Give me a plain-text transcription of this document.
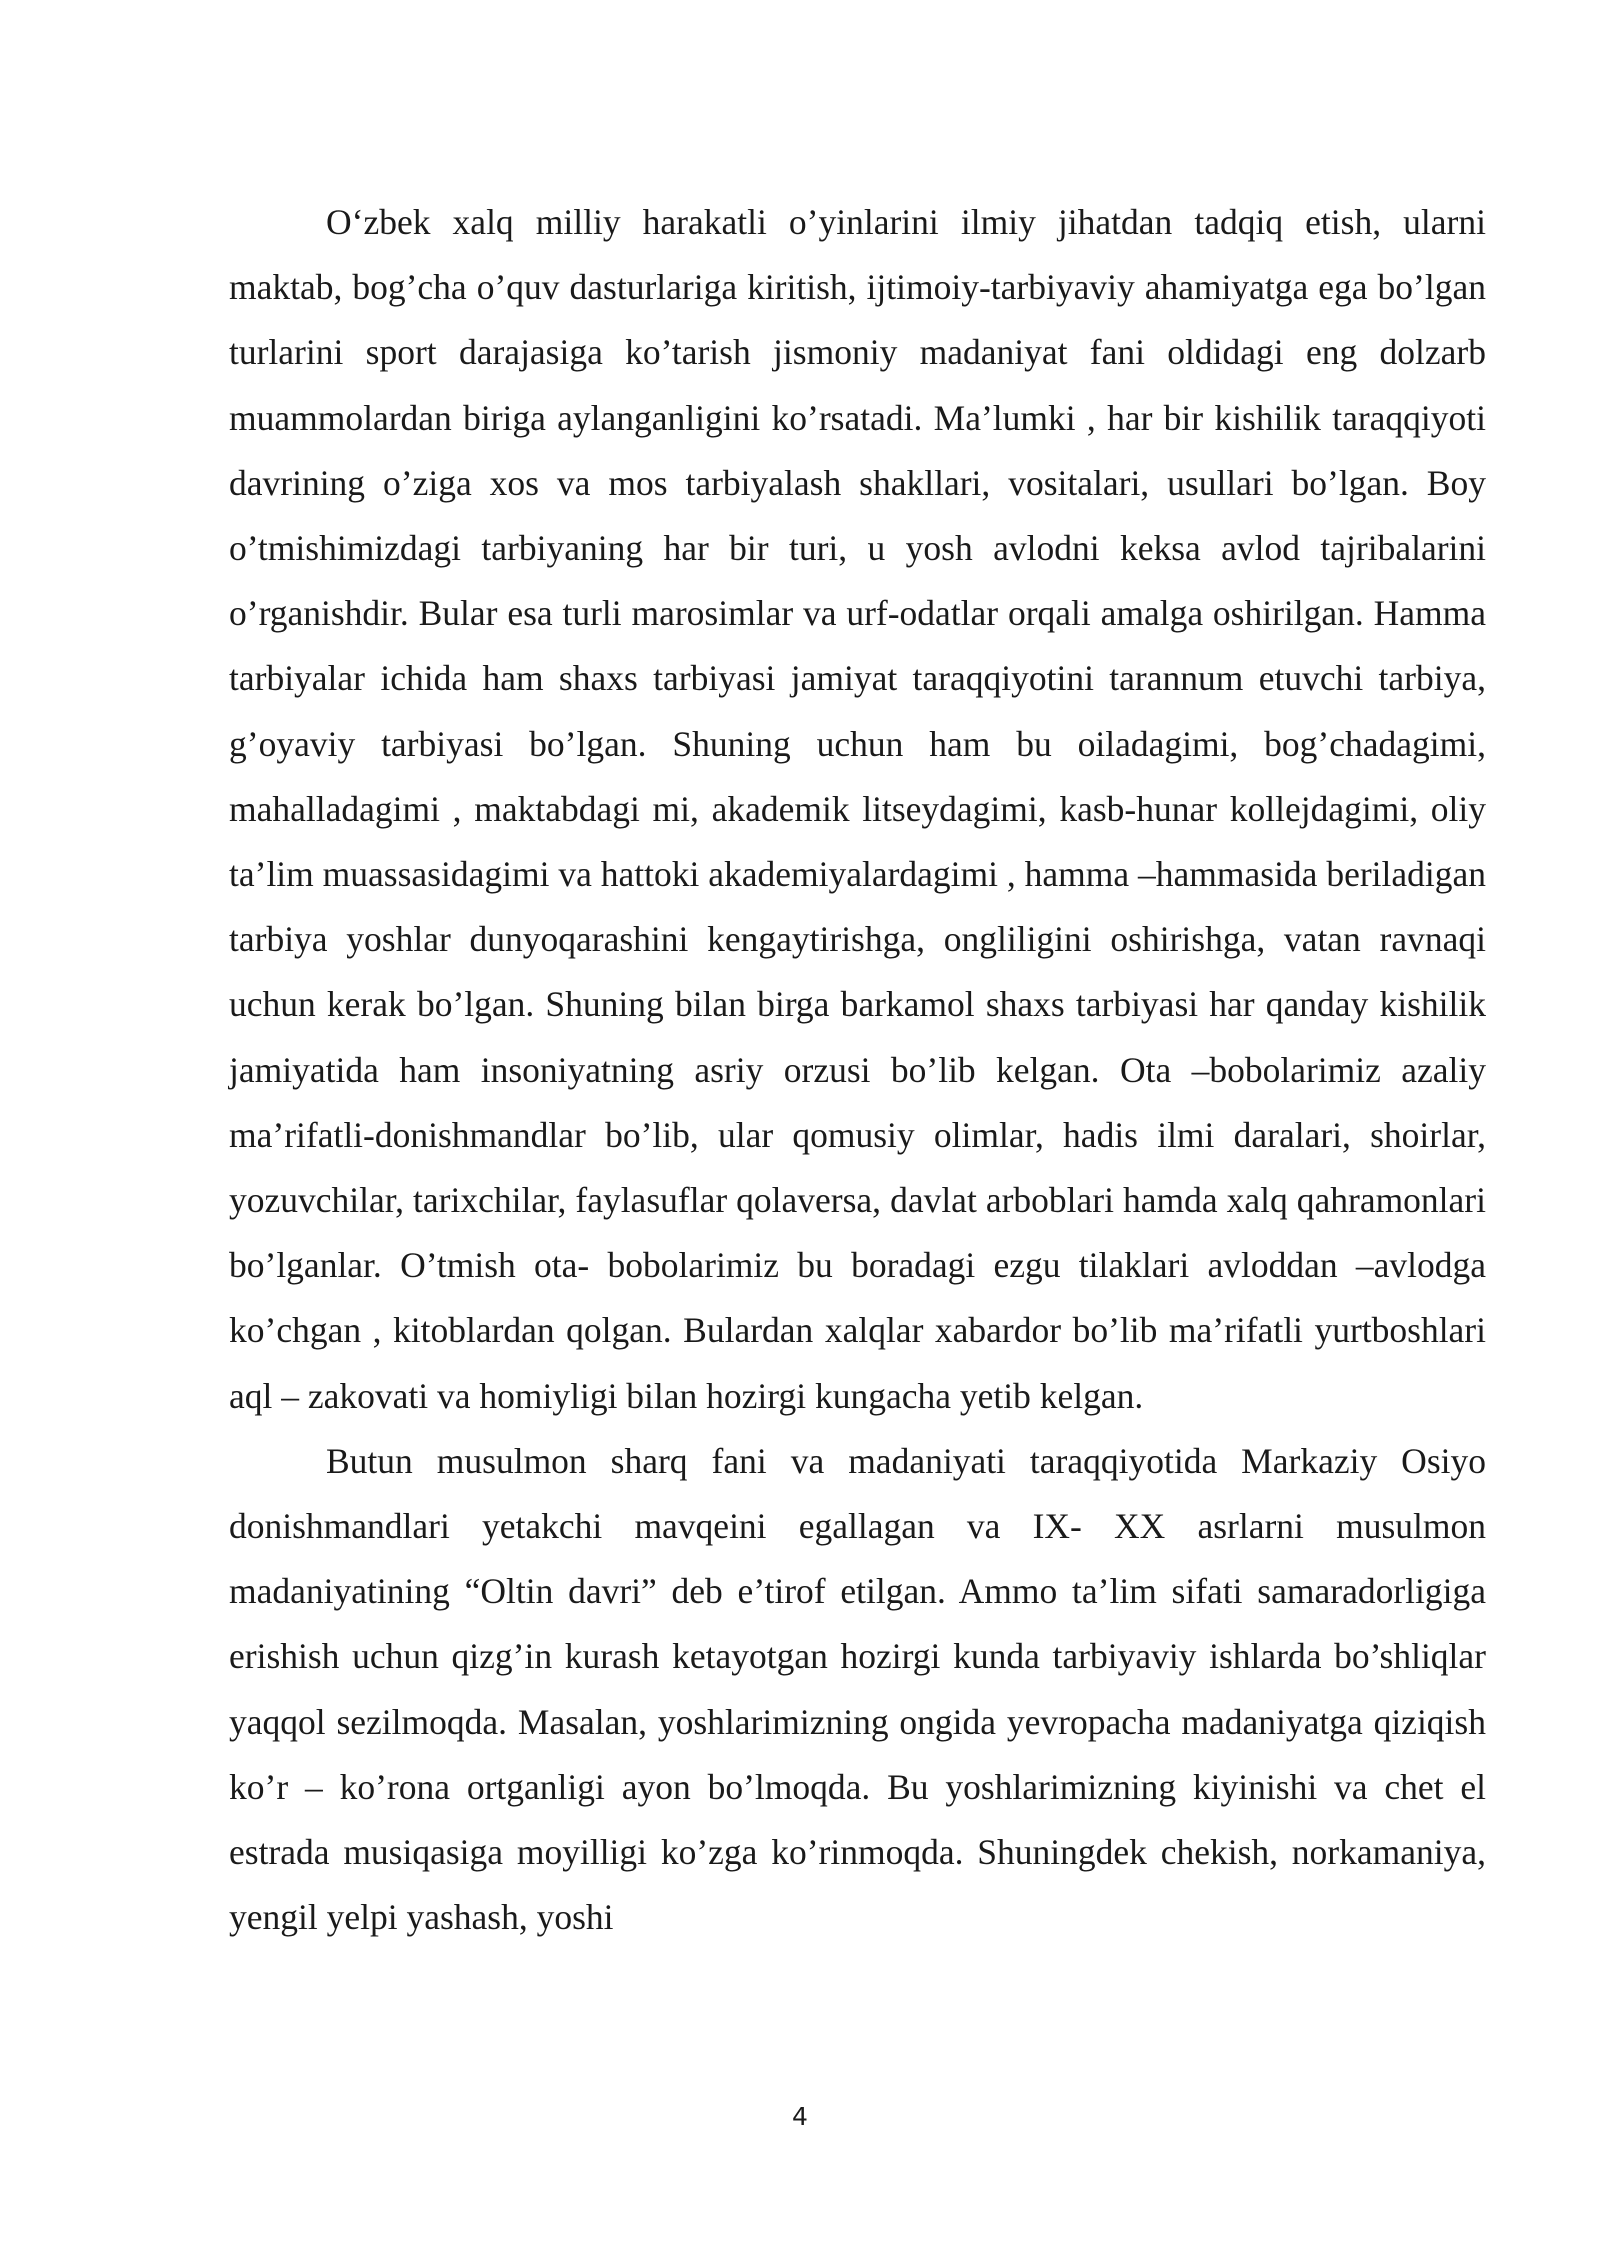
O‘zbek xalq milliy harakatli o’yinlarini ilmiy jihatdan tadqiq etish, ularni maktab, bog’cha o’quv dasturlariga kiritish, ijtimoiy-tarbiyaviy ahamiyatga ega bo’lgan turlarini sport darajasiga ko’tarish jismoniy madaniyat fani oldidagi eng dolzarb muammolardan biriga aylanganligini ko’rsatadi. Ma’lumki , har bir kishilik taraqqiyoti davrining o’ziga xos va mos tarbiyalash shakllari, vositalari, usullari bo’lgan. Boy o’tmishimizdagi tarbiyaning har bir turi, u yosh avlodni keksa avlod tajribalarini o’rganishdir. Bular esa turli marosimlar va urf-odatlar orqali amalga oshirilgan. Hamma tarbiyalar ichida ham shaxs tarbiyasi jamiyat taraqqiyotini tarannum etuvchi tarbiya, g’oyaviy tarbiyasi bo’lgan. Shuning uchun ham bu oiladagimi, bog’chadagimi, mahalladagimi , maktabdagi mi, akademik litseydagimi, kasb-hunar kollejdagimi, oliy ta’lim muassasidagimi va hattoki akademiyalardagimi , hamma –hammasida beriladigan tarbiya yoshlar dunyoqarashini kengaytirishga, ongliligini oshirishga, vatan ravnaqi uchun kerak bo’lgan. Shuning bilan birga barkamol shaxs tarbiyasi har qanday kishilik jamiyatida ham insoniyatning asriy orzusi bo’lib kelgan. Ota –bobolarimiz azaliy ma’rifatli-donishmandlar bo’lib, ular qomusiy olimlar, hadis ilmi daralari, shoirlar, yozuvchilar, tarixchilar, faylasuflar qolaversa, davlat arboblari hamda xalq qahramonlari bo’lganlar. O’tmish ota- bobolarimiz bu boradagi ezgu tilaklari avloddan –avlodga ko’chgan , kitoblardan qolgan. Bulardan xalqlar xabardor bo’lib ma’rifatli yurtboshlari aql – zakovati va homiyligi bilan hozirgi kungacha yetib kelgan.

Butun musulmon sharq fani va madaniyati taraqqiyotida Markaziy Osiyo donishmandlari yetakchi mavqeini egallagan va IX- XX asrlarni musulmon madaniyatining “Oltin davri” deb e’tirof etilgan. Ammo ta’lim sifati samaradorligiga erishish uchun qizg’in kurash ketayotgan hozirgi kunda tarbiyaviy ishlarda bo’shliqlar yaqqol sezilmoqda. Masalan, yoshlarimizning ongida yevropacha madaniyatga qiziqish ko’r – ko’rona ortganligi ayon bo’lmoqda. Bu yoshlarimizning kiyinishi va chet el estrada musiqasiga moyilligi ko’zga ko’rinmoqda. Shuningdek chekish, norkamaniya, yengil yelpi yashash, yoshi

4
